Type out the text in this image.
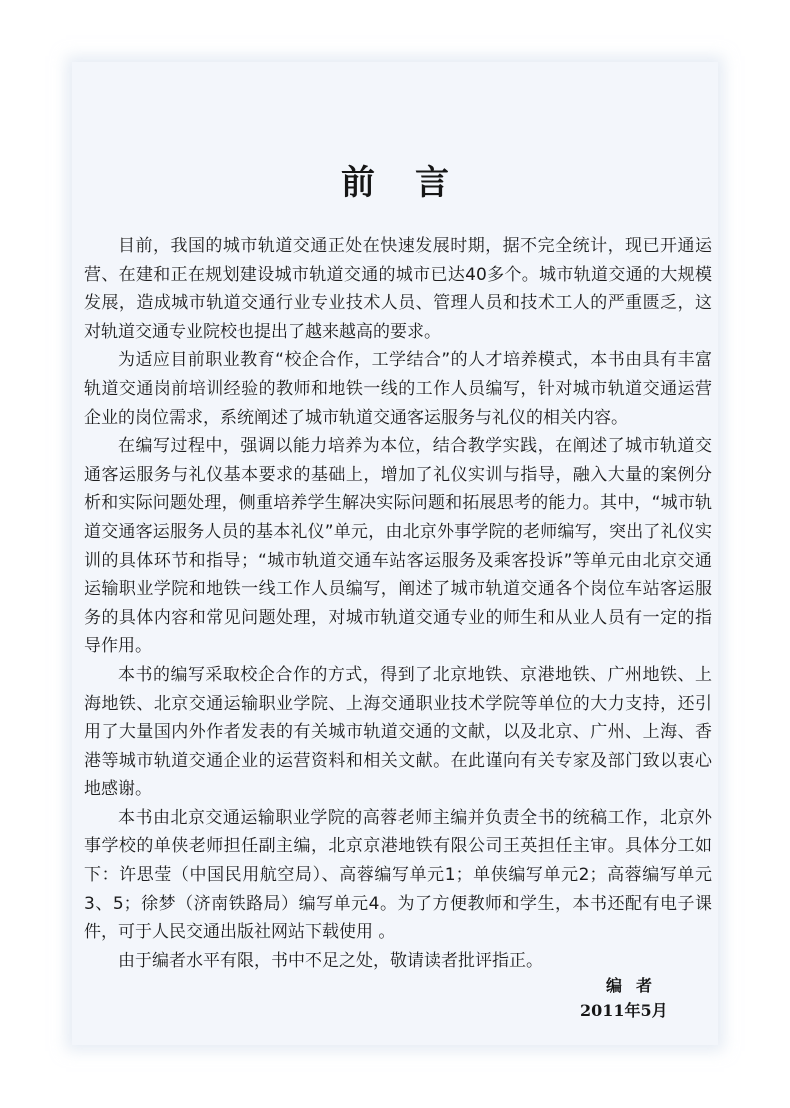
前言

目前，我国的城市轨道交通正处在快速发展时期，据不完全统计，现已开通运营、在建和正在规划建设城市轨道交通的城市已达40多个。城市轨道交通的大规模发展，造成城市轨道交通行业专业技术人员、管理人员和技术工人的严重匮乏，这对轨道交通专业院校也提出了越来越高的要求。

为适应目前职业教育“校企合作，工学结合”的人才培养模式，本书由具有丰富轨道交通岗前培训经验的教师和地铁一线的工作人员编写，针对城市轨道交通运营企业的岗位需求，系统阐述了城市轨道交通客运服务与礼仪的相关内容。

在编写过程中，强调以能力培养为本位，结合教学实践，在阐述了城市轨道交通客运服务与礼仪基本要求的基础上，增加了礼仪实训与指导，融入大量的案例分析和实际问题处理，侧重培养学生解决实际问题和拓展思考的能力。其中，“城市轨道交通客运服务人员的基本礼仪”单元，由北京外事学院的老师编写，突出了礼仪实训的具体环节和指导；“城市轨道交通车站客运服务及乘客投诉”等单元由北京交通运输职业学院和地铁一线工作人员编写，阐述了城市轨道交通各个岗位车站客运服务的具体内容和常见问题处理，对城市轨道交通专业的师生和从业人员有一定的指导作用。

本书的编写采取校企合作的方式，得到了北京地铁、京港地铁、广州地铁、上海地铁、北京交通运输职业学院、上海交通职业技术学院等单位的大力支持，还引用了大量国内外作者发表的有关城市轨道交通的文献，以及北京、广州、上海、香港等城市轨道交通企业的运营资料和相关文献。在此谨向有关专家及部门致以衷心地感谢。

本书由北京交通运输职业学院的高蓉老师主编并负责全书的统稿工作，北京外事学校的单侠老师担任副主编，北京京港地铁有限公司王英担任主审。具体分工如下：许思莹（中国民用航空局）、高蓉编写单元1；单侠编写单元2；高蓉编写单元3、5；徐梦（济南铁路局）编写单元4。为了方便教师和学生，本书还配有电子课件，可于人民交通出版社网站下载使用 。

由于编者水平有限，书中不足之处，敬请读者批评指正。

编者
2011年5月
